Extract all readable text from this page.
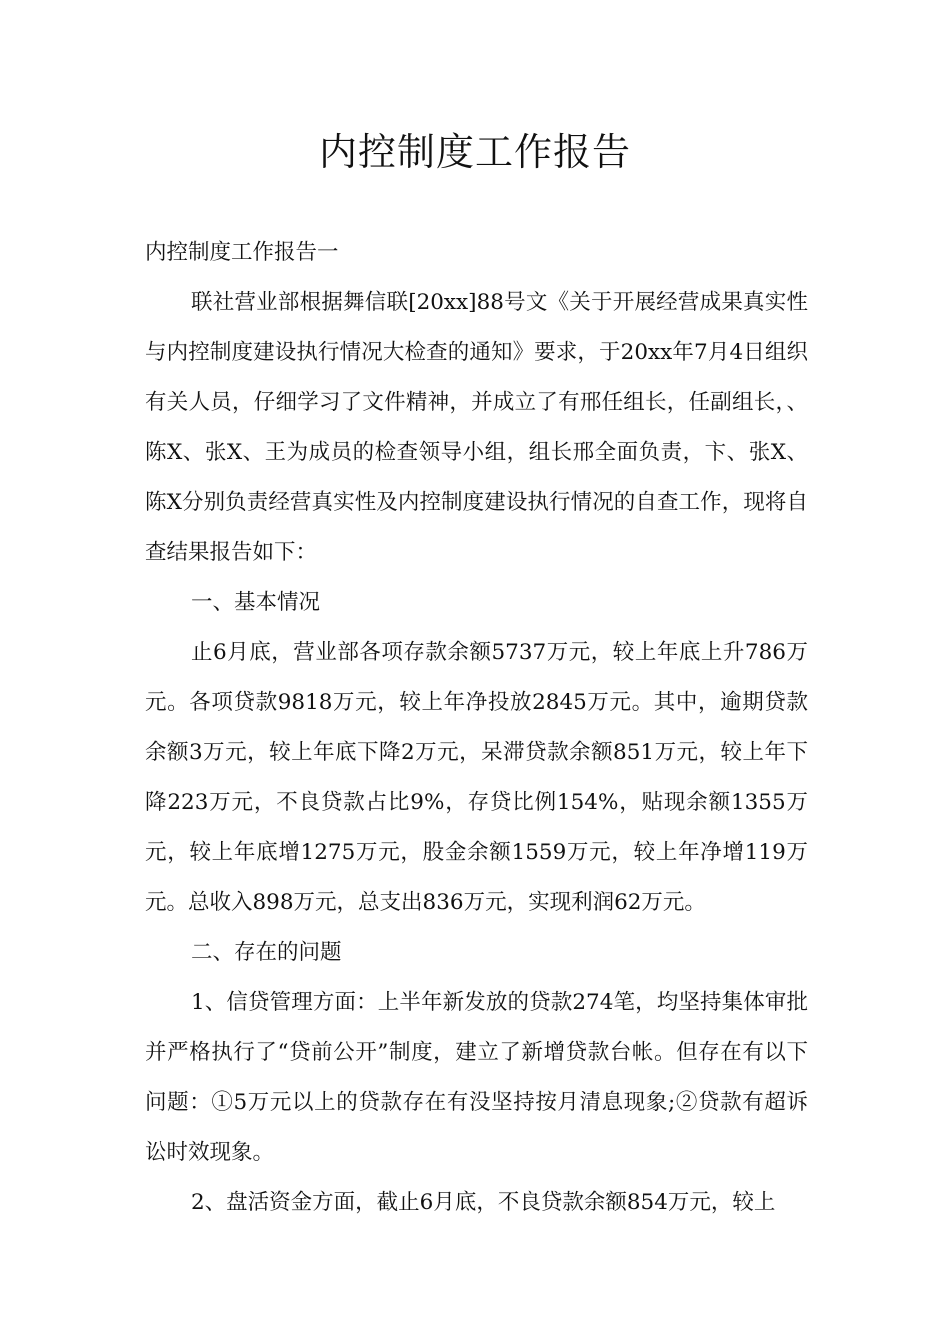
内控制度工作报告

内控制度工作报告一

联社营业部根据舞信联[20xx]88号文《关于开展经营成果真实性与内控制度建设执行情况大检查的通知》要求，于20xx年7月4日组织有关人员，仔细学习了文件精神，并成立了有邢任组长，任副组长，、陈X、张X、王为成员的检查领导小组，组长邢全面负责，卞、张X、陈X分别负责经营真实性及内控制度建设执行情况的自查工作，现将自查结果报告如下：

一、基本情况

止6月底，营业部各项存款余额5737万元，较上年底上升786万元。各项贷款9818万元，较上年净投放2845万元。其中，逾期贷款余额3万元，较上年底下降2万元，呆滞贷款余额851万元，较上年下降223万元，不良贷款占比9%，存贷比例154%，贴现余额1355万元，较上年底增1275万元，股金余额1559万元，较上年净增119万元。总收入898万元，总支出836万元，实现利润62万元。

二、存在的问题

1、信贷管理方面：上半年新发放的贷款274笔，均坚持集体审批并严格执行了“贷前公开”制度，建立了新增贷款台帐。但存在有以下问题：①5万元以上的贷款存在有没坚持按月清息现象;②贷款有超诉讼时效现象。

2、盘活资金方面，截止6月底，不良贷款余额854万元，较上
